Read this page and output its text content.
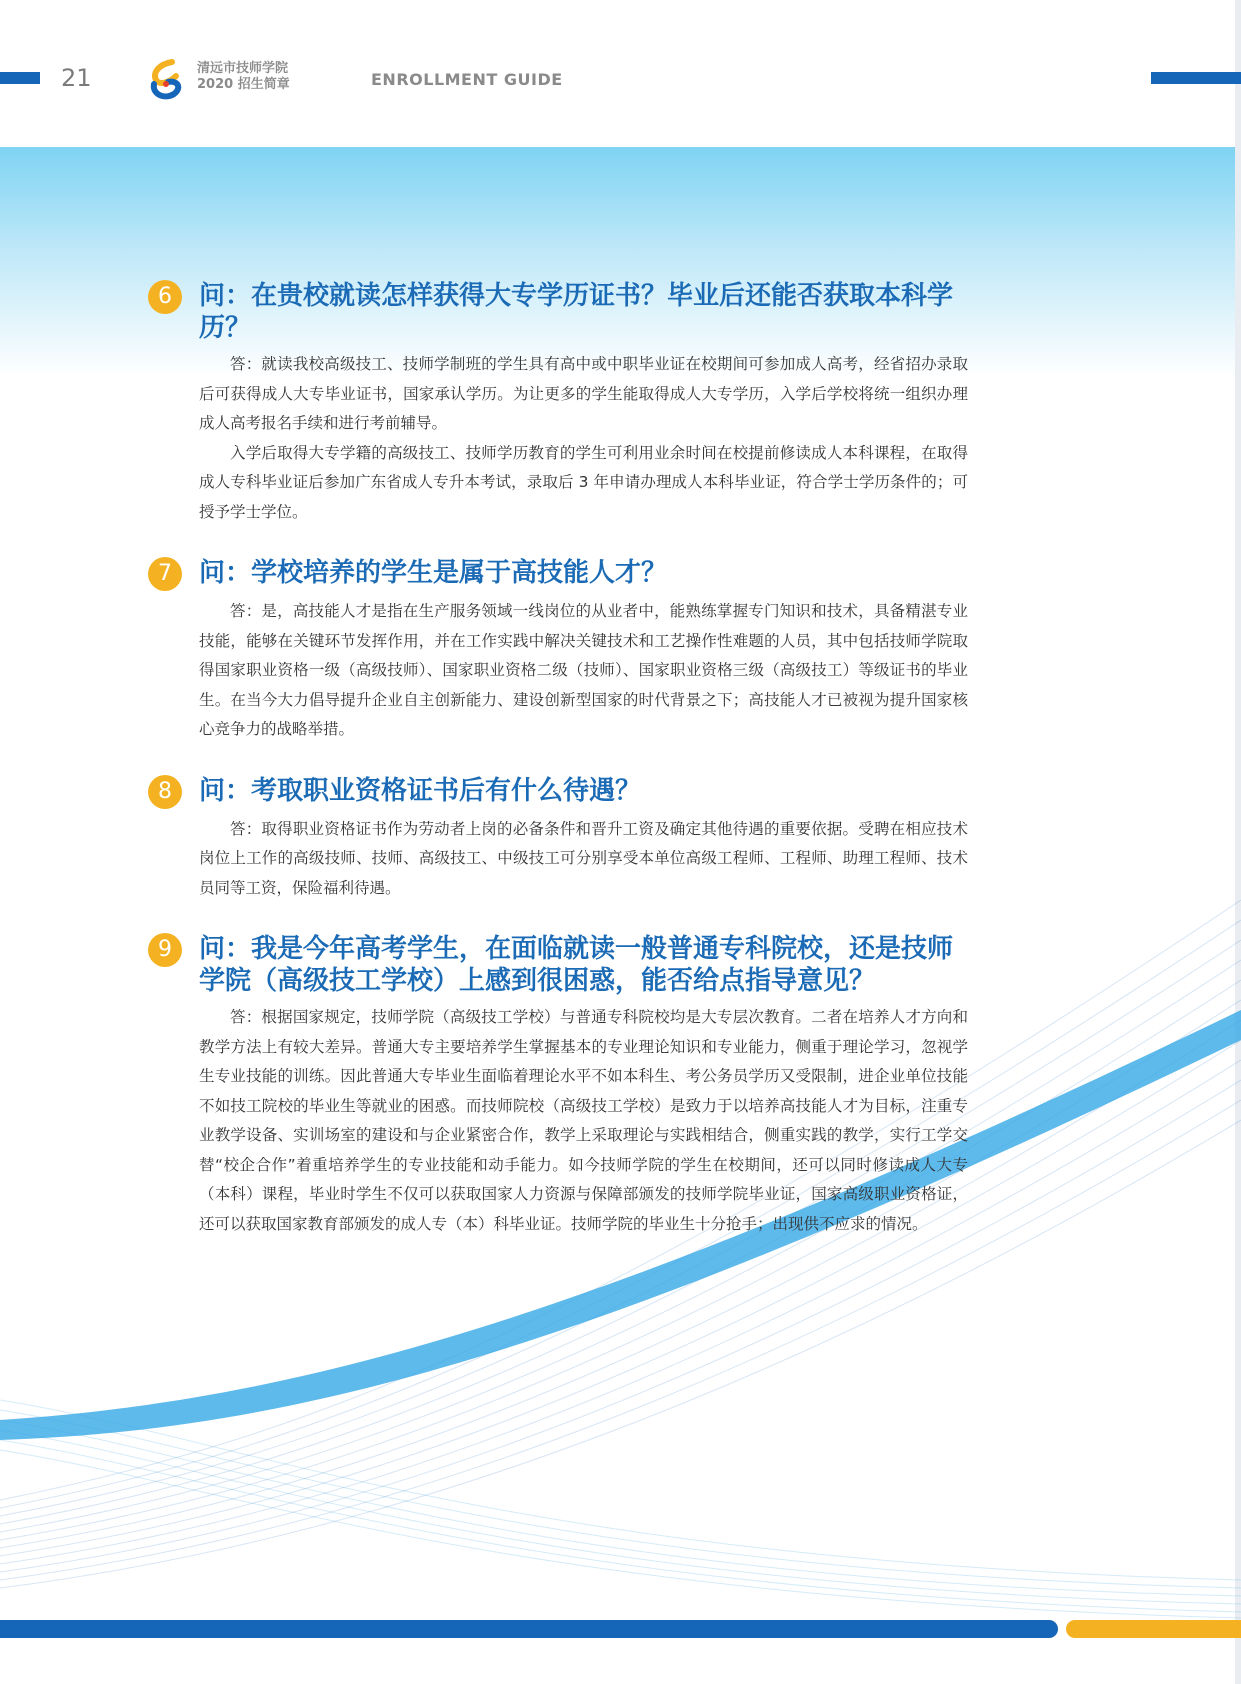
21	清远市技师学院
2020 招生简章	ENROLLMENT GUIDE
6	问：在贵校就读怎样获得大专学历证书？毕业后还能否获取本科学历？

答：就读我校高级技工、技师学制班的学生具有高中或中职毕业证在校期间可参加成人高考，经省招办录取后可获得成人大专毕业证书，国家承认学历。为让更多的学生能取得成人大专学历，入学后学校将统一组织办理成人高考报名手续和进行考前辅导。

入学后取得大专学籍的高级技工、技师学历教育的学生可利用业余时间在校提前修读成人本科课程，在取得成人专科毕业证后参加广东省成人专升本考试，录取后 3 年申请办理成人本科毕业证，符合学士学历条件的；可授予学士学位。

7	问：学校培养的学生是属于高技能人才？

答：是，高技能人才是指在生产服务领域一线岗位的从业者中，能熟练掌握专门知识和技术，具备精湛专业技能，能够在关键环节发挥作用，并在工作实践中解决关键技术和工艺操作性难题的人员，其中包括技师学院取得国家职业资格一级（高级技师）、国家职业资格二级（技师）、国家职业资格三级（高级技工）等级证书的毕业生。在当今大力倡导提升企业自主创新能力、建设创新型国家的时代背景之下；高技能人才已被视为提升国家核心竞争力的战略举措。

8	问：考取职业资格证书后有什么待遇？

答：取得职业资格证书作为劳动者上岗的必备条件和晋升工资及确定其他待遇的重要依据。受聘在相应技术岗位上工作的高级技师、技师、高级技工、中级技工可分别享受本单位高级工程师、工程师、助理工程师、技术员同等工资，保险福利待遇。

9	问：我是今年高考学生，在面临就读一般普通专科院校，还是技师学院（高级技工学校）上感到很困惑，能否给点指导意见？

答：根据国家规定，技师学院（高级技工学校）与普通专科院校均是大专层次教育。二者在培养人才方向和教学方法上有较大差异。普通大专主要培养学生掌握基本的专业理论知识和专业能力，侧重于理论学习，忽视学生专业技能的训练。因此普通大专毕业生面临着理论水平不如本科生、考公务员学历又受限制，进企业单位技能不如技工院校的毕业生等就业的困惑。而技师院校（高级技工学校）是致力于以培养高技能人才为目标，注重专业教学设备、实训场室的建设和与企业紧密合作，教学上采取理论与实践相结合，侧重实践的教学，实行工学交替“校企合作”着重培养学生的专业技能和动手能力。如今技师学院的学生在校期间，还可以同时修读成人大专（本科）课程，毕业时学生不仅可以获取国家人力资源与保障部颁发的技师学院毕业证，国家高级职业资格证，还可以获取国家教育部颁发的成人专（本）科毕业证。技师学院的毕业生十分抢手；出现供不应求的情况。
